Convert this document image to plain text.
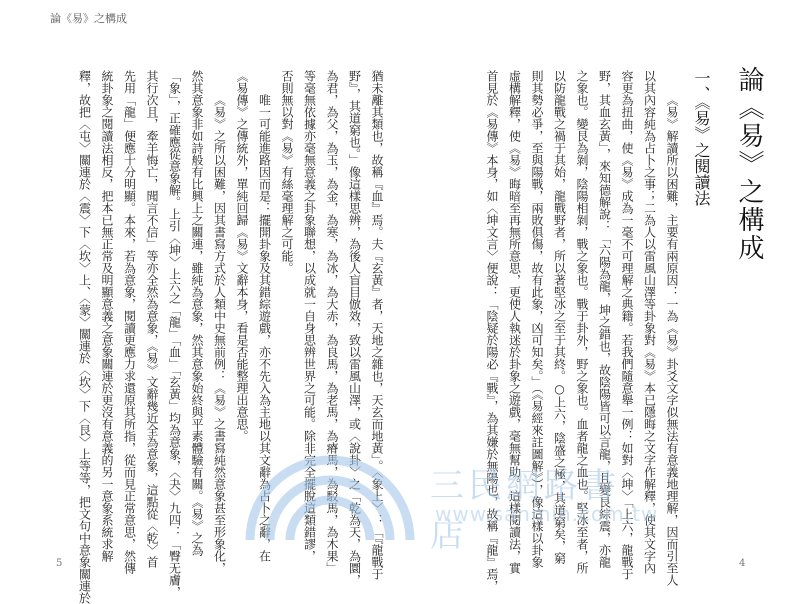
論《易》之構成
論《易》之構成
一、《易》之閱讀法
《易》解讀所以困難，主要有兩原因：一為《易》卦爻文字似無法有意義地理解，因而引至人
以其內容純為占卜之事；二為人以雷風山澤等卦象對《易》本已隱晦之文字作解釋，使其文字內
容更為扭曲，使《易》成為一毫不可理解之典籍。若我們隨意舉一例：如對〈坤〉「上六，龍戰于
野，其血玄黃」，來知德解說：「六陽為龍，坤之錯也，故陰陽皆可以言龍，且變艮綜震，亦龍
之象也。變艮為剝，陰陽相剝，戰之象也。戰于卦外，野之象也。血者龍之血也。堅冰至者，所
以防龍戰之禍于其始，龍戰野者，所以著堅冰之至于其終。○上六，陰盛之極，其道窮矣，窮
則其勢必爭，至與陽戰，兩敗俱傷，故有此象，凶可知矣。」（《易經來註圖解》），像這樣以卦象
虛構解釋，使《易》晦暗至再無所意思，更使人執迷於卦象之遊戲，毫無幫助。這樣閱讀法，實
首見於《易傳》本身，如〈坤文言〉便說：「陰疑於陽必『戰』，為其嫌於無陽也，故稱『龍』焉，
猶未離其類也，故稱『血』焉。夫『玄黃』者，天地之雜也，天玄而地黃」。〈象上〉：「『龍戰于
野』，其道窮也。」像這樣思辨，為後人盲目倣效，致以雷風山澤，或〈說卦〉之「乾為天，為圜，
為君，為父，為玉，為金，為寒，為冰，為大赤，為良馬，為老馬，為瘠馬，為駁馬，為木果」
等毫無依據亦毫無意義之卦象聯想，以成就一自身思辨世界之可能。除非完全擺脫這類錯謬，
否則無以對《易》有絲毫理解之可能。
唯一可能進路因而是：擺開卦象及其錯綜遊戲，亦不先入為主地以其文辭為占卜之辭，在
《易傳》之傳統外，單純回歸《易》文辭本身，看是否能整理出意思。
《易》之所以困難，因其書寫方式於人類中史無前例：《易》之書寫純然意象甚至形象化，
然其意象非如詩般有比興上之關連，雖純為意象，然其意象始終與平素體驗有關。《易》之為
「象」，正確應從意象解。上引〈坤〉上六之「龍」「血」「玄黃」均為意象，〈夬〉九四：「臀无膚，
其行次且，牽羊悔亡，聞言不信」等亦全然為意象，《易》文辭幾近全為意象，這點從〈乾〉首
先用「龍」便應十分明顯。本來，若為意象，閱讀更應力求還原其所指，從而見正常意思，然傳
統卦象之閱讀法相反，把本已無正常及明顯意義之意象關連於更沒有意義的另一意象系統求解
釋，故把〈屯〉關連於〈震〉下〈坎〉上、〈蒙〉關連於〈坎〉下〈艮〉上等等，把文句中意象關連於	三民網路書店
www.sanmin.com.tw
5	4
